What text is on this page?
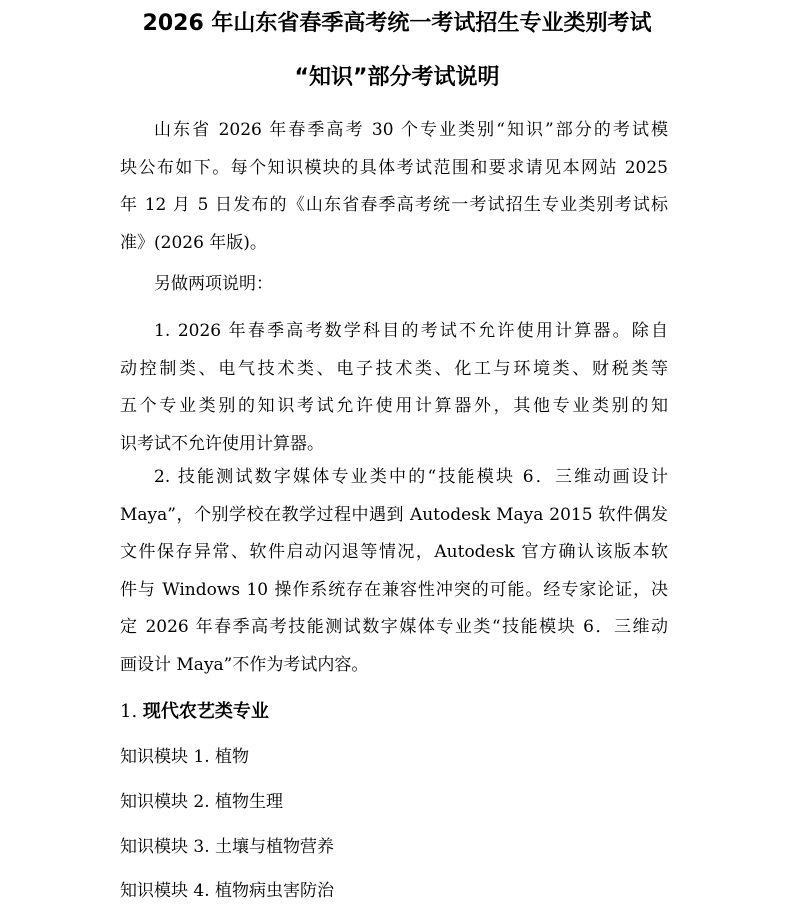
2026 年山东省春季高考统一考试招生专业类别考试
“知识”部分考试说明
山东省 2026 年春季高考 30 个专业类别“知识”部分的考试模
块公布如下。每个知识模块的具体考试范围和要求请见本网站 2025
年 12 月 5 日发布的《山东省春季高考统一考试招生专业类别考试标
准》(2026 年版)。
另做两项说明：
1. 2026 年春季高考数学科目的考试不允许使用计算器。除自
动控制类、电气技术类、电子技术类、化工与环境类、财税类等
五个专业类别的知识考试允许使用计算器外，其他专业类别的知
识考试不允许使用计算器。
2. 技能测试数字媒体专业类中的“技能模块 6．三维动画设计
Maya”，个别学校在教学过程中遇到 Autodesk Maya 2015 软件偶发
文件保存异常、软件启动闪退等情况，Autodesk 官方确认该版本软
件与 Windows 10 操作系统存在兼容性冲突的可能。经专家论证，决
定 2026 年春季高考技能测试数字媒体专业类“技能模块 6．三维动
画设计 Maya”不作为考试内容。
1. 现代农艺类专业
知识模块 1. 植物
知识模块 2. 植物生理
知识模块 3. 土壤与植物营养
知识模块 4. 植物病虫害防治
